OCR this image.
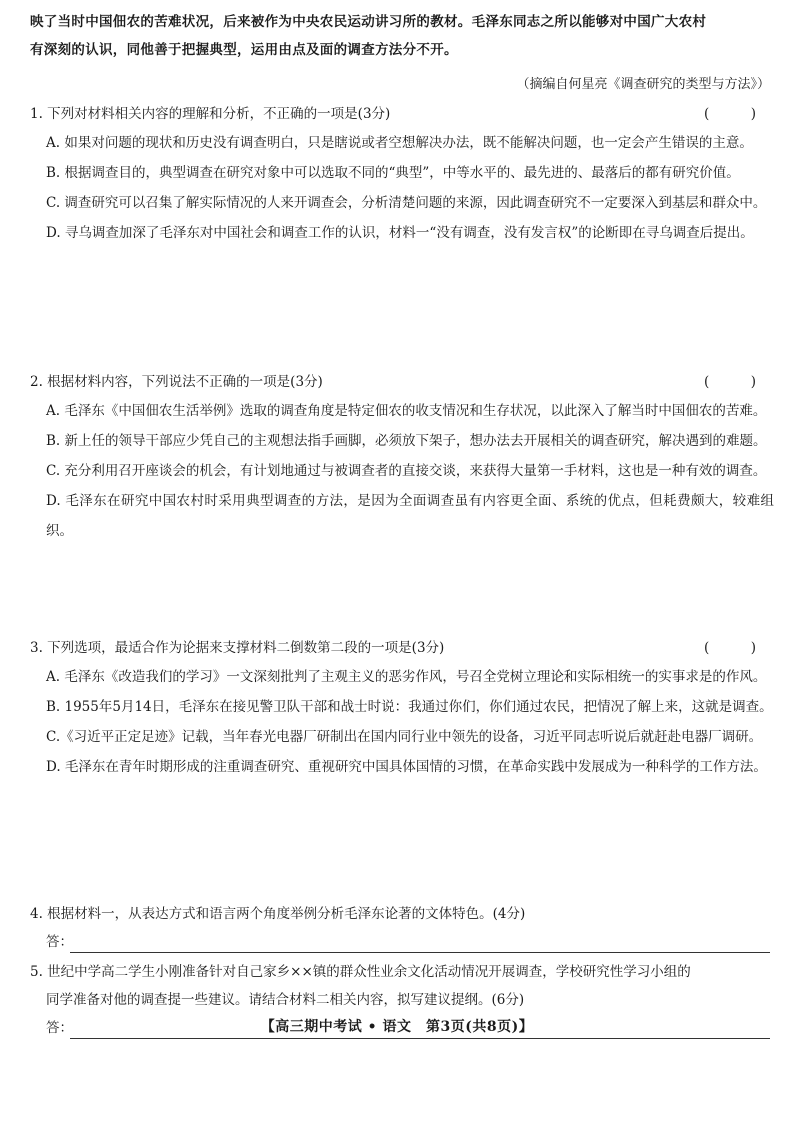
映了当时中国佃农的苦难状况，后来被作为中央农民运动讲习所的教材。毛泽东同志之所以能够对中国广大农村

有深刻的认识，同他善于把握典型，运用由点及面的调查方法分不开。

（摘编自何星亮《调查研究的类型与方法》）
1. 下列对材料相关内容的理解和分析，不正确的一项是(3分)	(　)
A. 如果对问题的现状和历史没有调查明白，只是瞎说或者空想解决办法，既不能解决问题，也一定会产生错误的主意。
B. 根据调查目的，典型调查在研究对象中可以选取不同的“典型”，中等水平的、最先进的、最落后的都有研究价值。
C. 调查研究可以召集了解实际情况的人来开调查会，分析清楚问题的来源，因此调查研究不一定要深入到基层和群众中。
D. 寻乌调查加深了毛泽东对中国社会和调查工作的认识，材料一“没有调查，没有发言权”的论断即在寻乌调查后提出。
2. 根据材料内容，下列说法不正确的一项是(3分)	(　)
A. 毛泽东《中国佃农生活举例》选取的调查角度是特定佃农的收支情况和生存状况，以此深入了解当时中国佃农的苦难。
B. 新上任的领导干部应少凭自己的主观想法指手画脚，必须放下架子，想办法去开展相关的调查研究，解决遇到的难题。
C. 充分利用召开座谈会的机会，有计划地通过与被调查者的直接交谈，来获得大量第一手材料，这也是一种有效的调查。
D. 毛泽东在研究中国农村时采用典型调查的方法，是因为全面调查虽有内容更全面、系统的优点，但耗费颇大，较难组织。
3. 下列选项，最适合作为论据来支撑材料二倒数第二段的一项是(3分)	(　)
A. 毛泽东《改造我们的学习》一文深刻批判了主观主义的恶劣作风，号召全党树立理论和实际相统一的实事求是的作风。
B. 1955年5月14日，毛泽东在接见警卫队干部和战士时说：我通过你们，你们通过农民，把情况了解上来，这就是调查。
C.《习近平正定足迹》记载，当年春光电器厂研制出在国内同行业中领先的设备，习近平同志听说后就赶赴电器厂调研。
D. 毛泽东在青年时期形成的注重调查研究、重视研究中国具体国情的习惯，在革命实践中发展成为一种科学的工作方法。
4. 根据材料一，从表达方式和语言两个角度举例分析毛泽东论著的文体特色。(4分)
答：
5. 世纪中学高二学生小刚准备针对自己家乡××镇的群众性业余文化活动情况开展调查，学校研究性学习小组的
同学准备对他的调查提一些建议。请结合材料二相关内容，拟写建议提纲。(6分)
答：	【高三期中考试 • 语文　第3页(共8页)】
